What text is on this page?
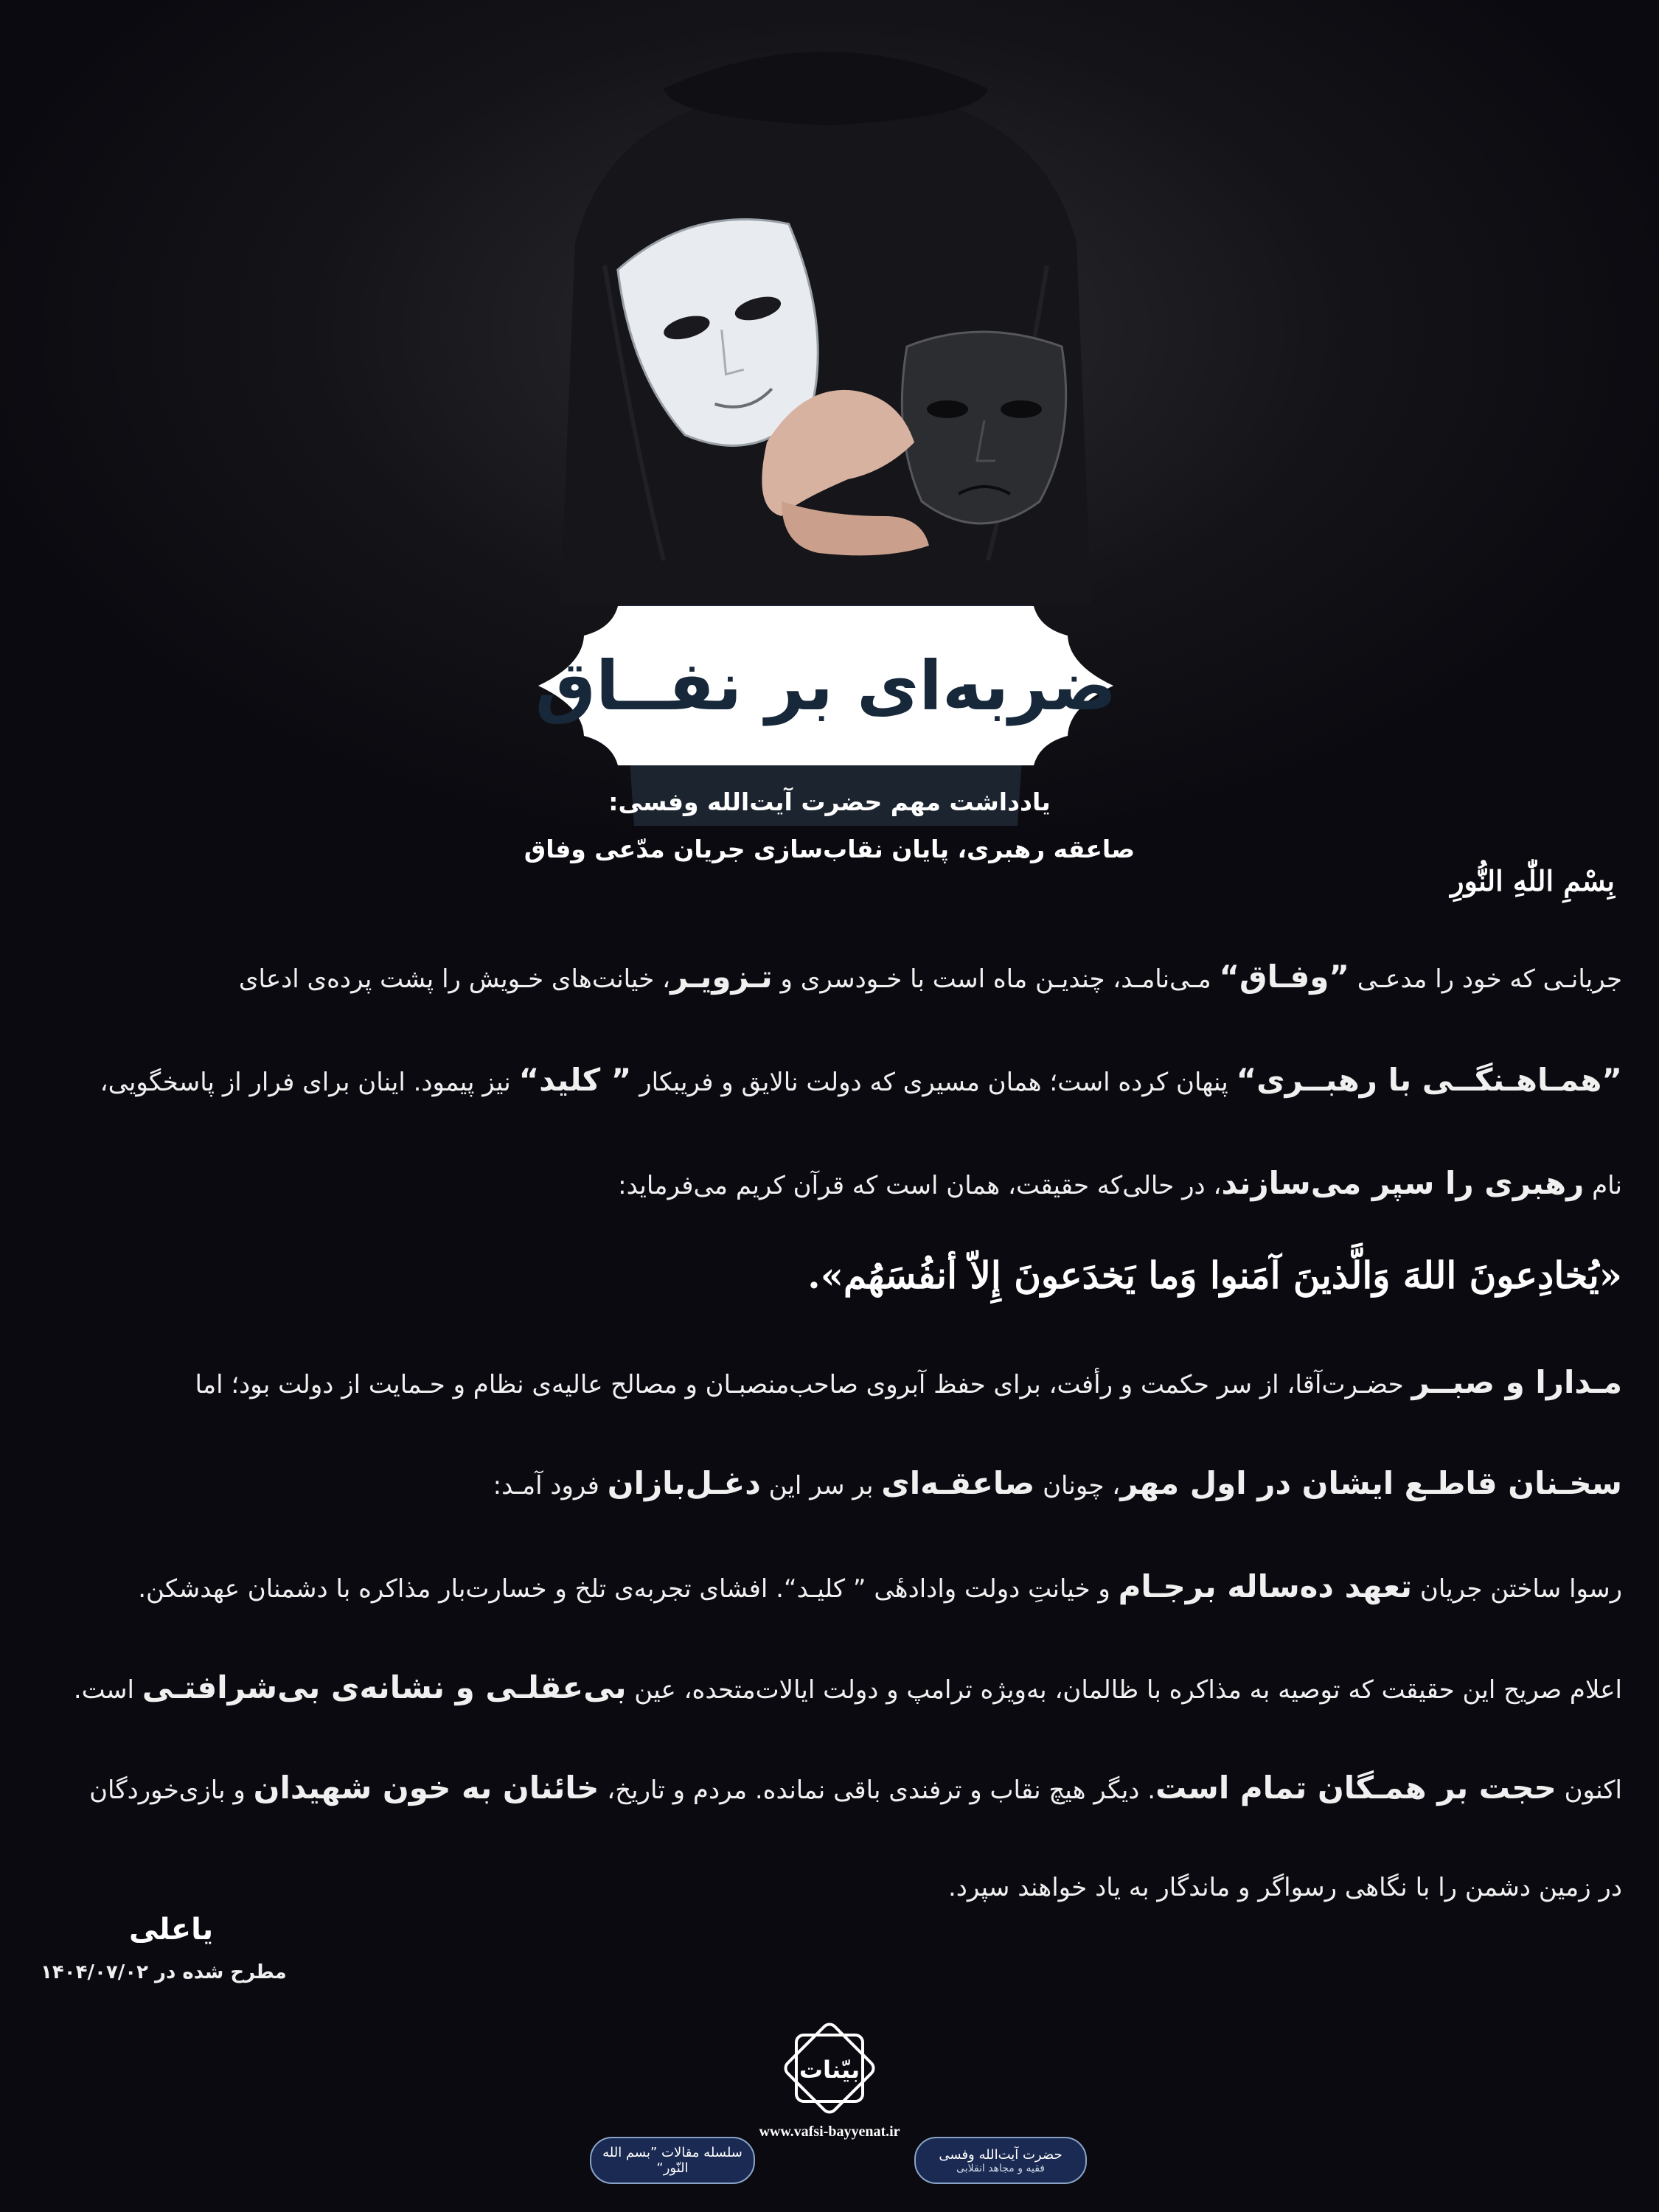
ضربه‌ای بر نفــاق
یادداشت مهم حضرت آیت‌الله وفسی:
صاعقه رهبری، پایان نقاب‌سازی جریان مدّعی وفاق
بِسْمِ اللّٰهِ النُّورِ
جریانـی که خود را مدعـی ”وفـاق“ مـی‌نامـد، چندیـن ماه است با خـودسری و تـزویـر، خیانت‌های خـویش را پشت پرده‌ی ادعای
”همـاهـنگــی با رهبــری“ پنهان کرده است؛ همان مسیری که دولت نالایق و فریبکار ” کلید“ نیز پیمود. اینان برای فرار از پاسخگویی،
نام رهبری را سپر می‌سازند، در حالی‌که حقیقت، همان است که قرآن کریم می‌فرماید:
«یُخادِعونَ اللهَ وَالَّذینَ آمَنوا وَما یَخدَعونَ إِلاّ أنفُسَهُم».
مـدارا و صبــر حضـرت‌آقا، از سر حکمت و رأفت، برای حفظ آبروی صاحب‌منصبـان و مصالح عالیه‌ی نظام و حـمایت از دولت بود؛ اما
سخـنان قاطـع ایشان در اول مهر، چونان صاعقـه‌ای بر سر این دغـل‌بازان فرود آمـد:
رسوا ساختن جریان تعهد ده‌ساله برجـام و خیانتِ دولت وادادهٔی ” کلیـد“. افشای تجربه‌ی تلخ و خسارت‌بار مذاکره با دشمنان عهدشکن.
اعلام صریح این حقیقت که توصیه به مذاکره با ظالمان، به‌ویژه ترامپ و دولت ایالات‌متحده، عین بی‌عقلـی و نشانه‌ی بی‌شرافتـی است.
اکنون حجت بر همـگان تمام است. دیگر هیچ نقاب و ترفندی باقی نمانده. مردم و تاریخ، خائنان به خون شهیدان و بازی‌خوردگان
در زمین دشمن را با نگاهی رسواگر و ماندگار به یاد خواهند سپرد.
یاعلی
مطرح شده در ۱۴۰۴/۰۷/۰۲
بیّنات
www.vafsi-bayyenat.ir
سلسله مقالات ”بسم الله النّور“
حضرت آیت‌الله وفسی
فقیه و مجاهد انقلابی
